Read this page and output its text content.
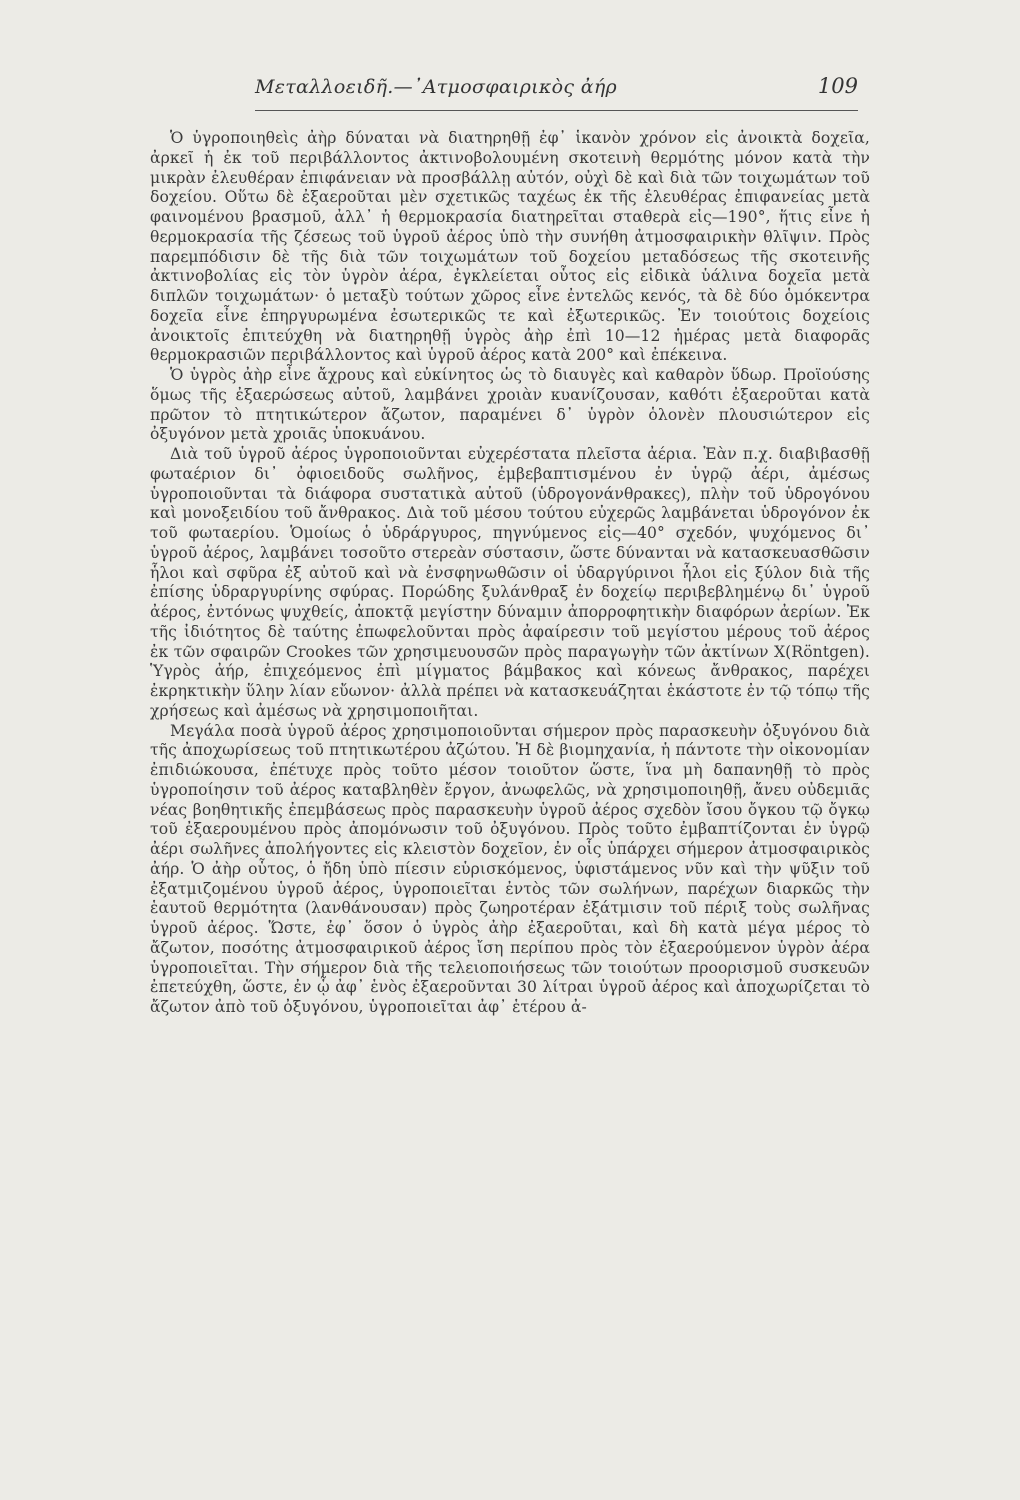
Μεταλλοειδῆ.—᾿Ατμοσφαιρικὸς ἀήρ	109

Ὁ ὑγροποιηθεὶς ἀὴρ δύναται νὰ διατηρηθῇ ἐφ᾿ ἱκανὸν χρόνον εἰς ἀνοικτὰ δοχεῖα, ἀρκεῖ ἡ ἐκ τοῦ περιβάλλοντος ἀκτινοβολουμένη σκοτεινὴ θερμότης μόνον κατὰ τὴν μικρὰν ἐλευθέραν ἐπιφάνειαν νὰ προσβάλλῃ αὐτόν, οὐχὶ δὲ καὶ διὰ τῶν τοιχωμάτων τοῦ δοχείου. Οὕτω δὲ ἐξαεροῦται μὲν σχετικῶς ταχέως ἐκ τῆς ἐλευθέρας ἐπιφανείας μετὰ φαινομένου βρασμοῦ, ἀλλ᾿ ἡ θερμοκρασία διατηρεῖται σταθερὰ εἰς—190°, ἥτις εἶνε ἡ θερμοκρασία τῆς ζέσεως τοῦ ὑγροῦ ἀέρος ὑπὸ τὴν συνήθη ἀτμοσφαιρικὴν θλῖψιν. Πρὸς παρεμπόδισιν δὲ τῆς διὰ τῶν τοιχωμάτων τοῦ δοχείου μεταδόσεως τῆς σκοτεινῆς ἀκτινοβολίας εἰς τὸν ὑγρὸν ἀέρα, ἐγκλείεται οὗτος εἰς εἰδικὰ ὑάλινα δοχεῖα μετὰ διπλῶν τοιχωμάτων· ὁ μεταξὺ τούτων χῶρος εἶνε ἐντελῶς κενός, τὰ δὲ δύο ὁμόκεντρα δοχεῖα εἶνε ἐπηργυρωμένα ἐσωτερικῶς τε καὶ ἐξωτερικῶς. Ἐν τοιούτοις δοχείοις ἀνοικτοῖς ἐπιτεύχθη νὰ διατηρηθῇ ὑγρὸς ἀὴρ ἐπὶ 10—12 ἡμέρας μετὰ διαφορᾶς θερμοκρασιῶν περιβάλλοντος καὶ ὑγροῦ ἀέρος κατὰ 200° καὶ ἐπέκεινα.

Ὁ ὑγρὸς ἀὴρ εἶνε ἄχρους καὶ εὐκίνητος ὡς τὸ διαυγὲς καὶ καθαρὸν ὕδωρ. Προϊούσης ὅμως τῆς ἐξαερώσεως αὐτοῦ, λαμβάνει χροιὰν κυανίζουσαν, καθότι ἐξαεροῦται κατὰ πρῶτον τὸ πτητικώτερον ἄζωτον, παραμένει δ᾿ ὑγρὸν ὁλονὲν πλουσιώτερον εἰς ὀξυγόνον μετὰ χροιᾶς ὑποκυάνου.

Διὰ τοῦ ὑγροῦ ἀέρος ὑγροποιοῦνται εὐχερέστατα πλεῖστα ἀέρια. Ἐὰν π.χ. διαβιβασθῇ φωταέριον δι᾿ ὀφιοειδοῦς σωλῆνος, ἐμβεβαπτισμένου ἐν ὑγρῷ ἀέρι, ἀμέσως ὑγροποιοῦνται τὰ διάφορα συστατικὰ αὐτοῦ (ὑδρογονάνθρακες), πλὴν τοῦ ὑδρογόνου καὶ μονοξειδίου τοῦ ἄνθρακος. Διὰ τοῦ μέσου τούτου εὐχερῶς λαμβάνεται ὑδρογόνον ἐκ τοῦ φωταερίου. Ὁμοίως ὁ ὑδράργυρος, πηγνύμενος εἰς—40° σχεδόν, ψυχόμενος δι᾿ ὑγροῦ ἀέρος, λαμβάνει τοσοῦτο στερεὰν σύστασιν, ὥστε δύνανται νὰ κατασκευασθῶσιν ἧλοι καὶ σφῦρα ἐξ αὐτοῦ καὶ νὰ ἐνσφηνωθῶσιν οἱ ὑδαργύρινοι ἧλοι εἰς ξύλον διὰ τῆς ἐπίσης ὑδραργυρίνης σφύρας. Πορώδης ξυλάνθραξ ἐν δοχείῳ περιβεβλημένῳ δι᾿ ὑγροῦ ἀέρος, ἐντόνως ψυχθείς, ἀποκτᾷ μεγίστην δύναμιν ἀπορροφητικὴν διαφόρων ἀερίων. Ἐκ τῆς ἰδιότητος δὲ ταύτης ἐπωφελοῦνται πρὸς ἀφαίρεσιν τοῦ μεγίστου μέρους τοῦ ἀέρος ἐκ τῶν σφαιρῶν Crookes τῶν χρησιμευουσῶν πρὸς παραγωγὴν τῶν ἀκτίνων X(Röntgen). Ὑγρὸς ἀήρ, ἐπιχεόμενος ἐπὶ μίγματος βάμβακος καὶ κόνεως ἄνθρακος, παρέχει ἐκρηκτικὴν ὕλην λίαν εὔωνον· ἀλλὰ πρέπει νὰ κατασκευάζηται ἑκάστοτε ἐν τῷ τόπῳ τῆς χρήσεως καὶ ἀμέσως νὰ χρησιμοποιῆται.

Μεγάλα ποσὰ ὑγροῦ ἀέρος χρησιμοποιοῦνται σήμερον πρὸς παρασκευὴν ὀξυγόνου διὰ τῆς ἀποχωρίσεως τοῦ πτητικωτέρου ἀζώτου. Ἡ δὲ βιομηχανία, ἡ πάντοτε τὴν οἰκονομίαν ἐπιδιώκουσα, ἐπέτυχε πρὸς τοῦτο μέσον τοιοῦτον ὥστε, ἵνα μὴ δαπανηθῇ τὸ πρὸς ὑγροποίησιν τοῦ ἀέρος καταβληθὲν ἔργον, ἀνωφελῶς, νὰ χρησιμοποιηθῇ, ἄνευ οὐδεμιᾶς νέας βοηθητικῆς ἐπεμβάσεως πρὸς παρασκευὴν ὑγροῦ ἀέρος σχεδὸν ἴσου ὄγκου τῷ ὄγκῳ τοῦ ἐξαερουμένου πρὸς ἀπομόνωσιν τοῦ ὀξυγόνου. Πρὸς τοῦτο ἐμβαπτίζονται ἐν ὑγρῷ ἀέρι σωλῆνες ἀπολήγοντες εἰς κλειστὸν δοχεῖον, ἐν οἷς ὑπάρχει σήμερον ἀτμοσφαιρικὸς ἀήρ. Ὁ ἀὴρ οὗτος, ὁ ἤδη ὑπὸ πίεσιν εὑρισκόμενος, ὑφιστάμενος νῦν καὶ τὴν ψῦξιν τοῦ ἐξατμιζομένου ὑγροῦ ἀέρος, ὑγροποιεῖται ἐντὸς τῶν σωλήνων, παρέχων διαρκῶς τὴν ἑαυτοῦ θερμότητα (λανθάνουσαν) πρὸς ζωηροτέραν ἐξάτμισιν τοῦ πέριξ τοὺς σωλῆνας ὑγροῦ ἀέρος. Ὥστε, ἐφ᾿ ὅσον ὁ ὑγρὸς ἀὴρ ἐξαεροῦται, καὶ δὴ κατὰ μέγα μέρος τὸ ἄζωτον, ποσότης ἀτμοσφαιρικοῦ ἀέρος ἴση περίπου πρὸς τὸν ἐξαερούμενον ὑγρὸν ἀέρα ὑγροποιεῖται. Τὴν σήμερον διὰ τῆς τελειοποιήσεως τῶν τοιούτων προορισμοῦ συσκευῶν ἐπετεύχθη, ὥστε, ἐν ᾧ ἀφ᾿ ἑνὸς ἐξαεροῦνται 30 λίτραι ὑγροῦ ἀέρος καὶ ἀποχωρίζεται τὸ ἄζωτον ἀπὸ τοῦ ὀξυγόνου, ὑγροποιεῖται ἀφ᾿ ἑτέρου ἀ-
